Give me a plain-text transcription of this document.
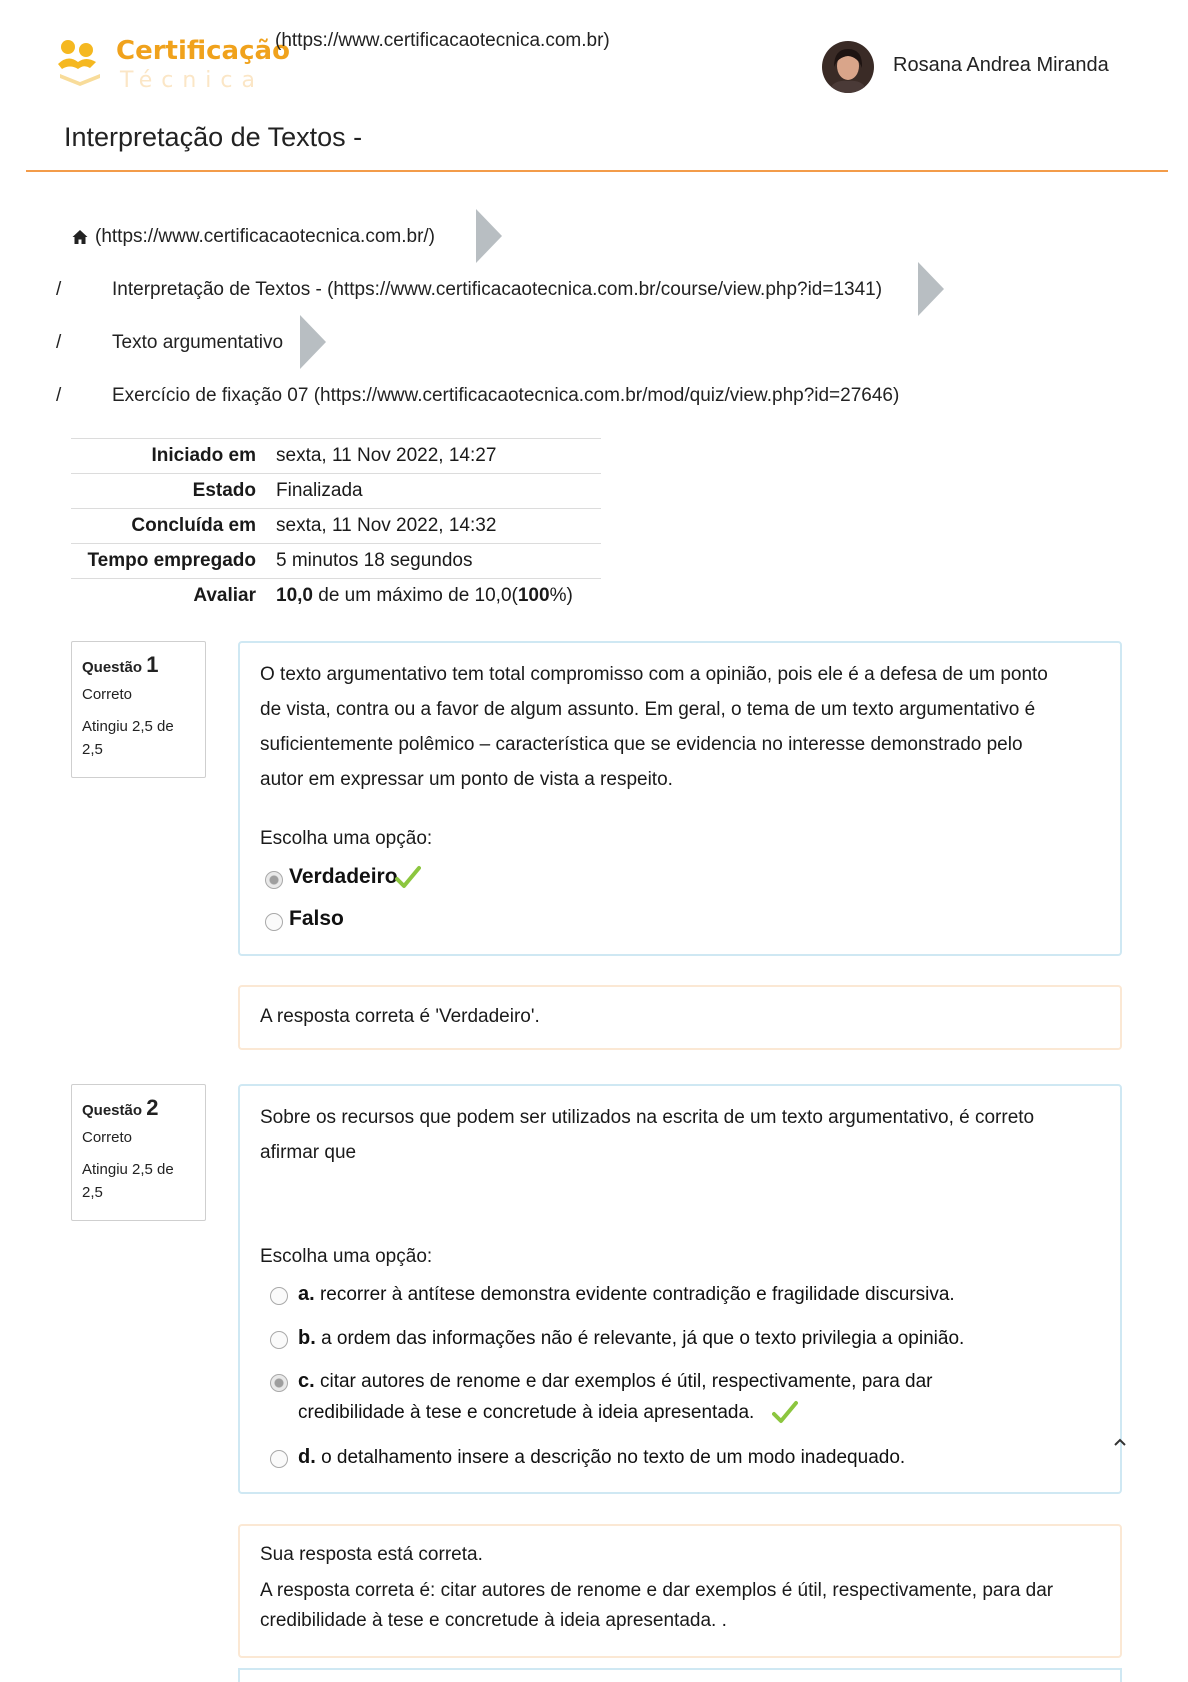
Certificação
Técnica
(https://www.certificacaotecnica.com.br)
Rosana Andrea Miranda
Interpretação de Textos -
(https://www.certificacaotecnica.com.br/)
/	Interpretação de Textos - (https://www.certificacaotecnica.com.br/course/view.php?id=1341)
/	Texto argumentativo
/	Exercício de fixação 07 (https://www.certificacaotecnica.com.br/mod/quiz/view.php?id=27646)
Iniciado em	sexta, 11 Nov 2022, 14:27
Estado	Finalizada
Concluída em	sexta, 11 Nov 2022, 14:32
Tempo empregado	5 minutos 18 segundos
Avaliar	10,0 de um máximo de 10,0(100%)
Questão 1
Correto
Atingiu 2,5 de 2,5
O texto argumentativo tem total compromisso com a opinião, pois ele é a defesa de um ponto de vista, contra ou a favor de algum assunto. Em geral, o tema de um texto argumentativo é suficientemente polêmico – característica que se evidencia no interesse demonstrado pelo autor em expressar um ponto de vista a respeito.
Escolha uma opção:
Verdadeiro
Falso
A resposta correta é 'Verdadeiro'.
Questão 2
Correto
Atingiu 2,5 de 2,5
Sobre os recursos que podem ser utilizados na escrita de um texto argumentativo, é correto afirmar que
Escolha uma opção:
a. recorrer à antítese demonstra evidente contradição e fragilidade discursiva.
b. a ordem das informações não é relevante, já que o texto privilegia a opinião.
c. citar autores de renome e dar exemplos é útil, respectivamente, para dar credibilidade à tese e concretude à ideia apresentada.
d. o detalhamento insere a descrição no texto de um modo inadequado.
Sua resposta está correta.
A resposta correta é: citar autores de renome e dar exemplos é útil, respectivamente, para dar credibilidade à tese e concretude à ideia apresentada. .
